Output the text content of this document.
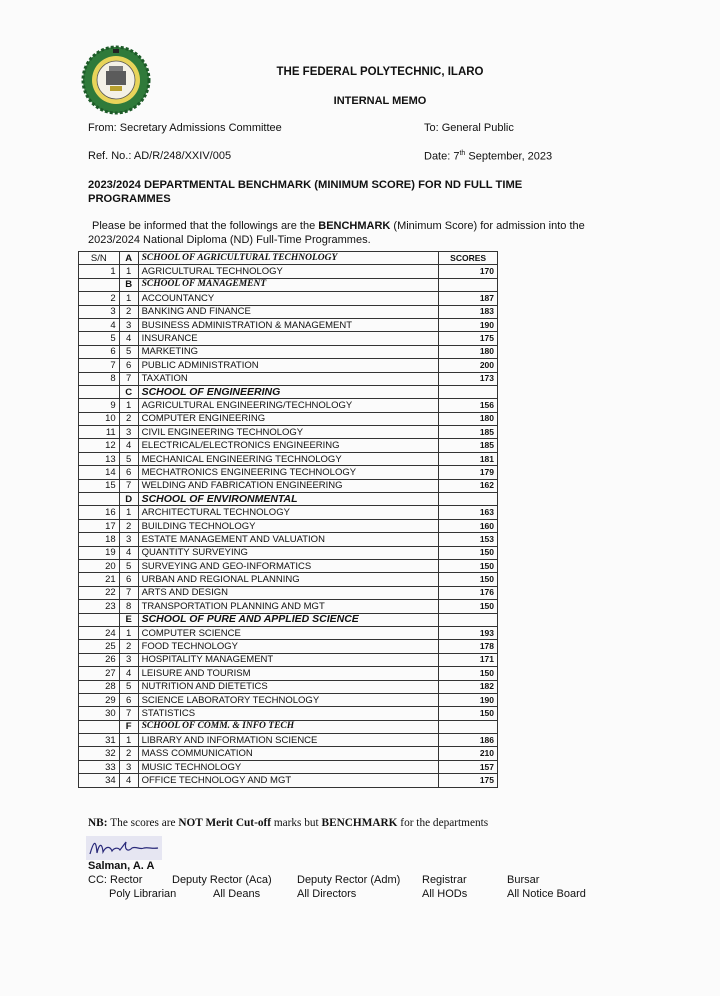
THE FEDERAL POLYTECHNIC, ILARO
INTERNAL MEMO
From: Secretary Admissions Committee	To: General Public
Ref. No.: AD/R/248/XXIV/005	Date: 7th September, 2023
2023/2024 DEPARTMENTAL BENCHMARK (MINIMUM SCORE) FOR ND FULL TIME PROGRAMMES
Please be informed that the followings are the BENCHMARK (Minimum Score) for admission into the 2023/2024 National Diploma (ND) Full-Time Programmes.
S/N	A	SCHOOL OF AGRICULTURAL TECHNOLOGY	SCORES
1	1	AGRICULTURAL TECHNOLOGY	170
	B	SCHOOL OF MANAGEMENT	
2	1	ACCOUNTANCY	187
3	2	BANKING AND FINANCE	183
4	3	BUSINESS ADMINISTRATION & MANAGEMENT	190
5	4	INSURANCE	175
6	5	MARKETING	180
7	6	PUBLIC ADMINISTRATION	200
8	7	TAXATION	173
	C	SCHOOL OF ENGINEERING	
9	1	AGRICULTURAL ENGINEERING/TECHNOLOGY	156
10	2	COMPUTER ENGINEERING	180
11	3	CIVIL ENGINEERING TECHNOLOGY	185
12	4	ELECTRICAL/ELECTRONICS ENGINEERING	185
13	5	MECHANICAL ENGINEERING TECHNOLOGY	181
14	6	MECHATRONICS ENGINEERING TECHNOLOGY	179
15	7	WELDING AND FABRICATION ENGINEERING	162
	D	SCHOOL OF ENVIRONMENTAL	
16	1	ARCHITECTURAL TECHNOLOGY	163
17	2	BUILDING TECHNOLOGY	160
18	3	ESTATE MANAGEMENT AND VALUATION	153
19	4	QUANTITY SURVEYING	150
20	5	SURVEYING AND GEO-INFORMATICS	150
21	6	URBAN AND REGIONAL PLANNING	150
22	7	ARTS AND DESIGN	176
23	8	TRANSPORTATION PLANNING AND MGT	150
	E	SCHOOL OF PURE AND APPLIED SCIENCE	
24	1	COMPUTER SCIENCE	193
25	2	FOOD TECHNOLOGY	178
26	3	HOSPITALITY MANAGEMENT	171
27	4	LEISURE AND TOURISM	150
28	5	NUTRITION AND DIETETICS	182
29	6	SCIENCE LABORATORY TECHNOLOGY	190
30	7	STATISTICS	150
	F	SCHOOL OF COMM. & INFO TECH	
31	1	LIBRARY AND INFORMATION SCIENCE	186
32	2	MASS COMMUNICATION	210
33	3	MUSIC TECHNOLOGY	157
34	4	OFFICE TECHNOLOGY AND MGT	175
NB: The scores are NOT Merit Cut-off marks but BENCHMARK for the departments
Salman, A. A
CC: Rector	Deputy Rector (Aca) Deputy Rector (Adm) Registrar	Bursar
Poly Librarian	All Deans	All Directors	All HODs	All Notice Board
